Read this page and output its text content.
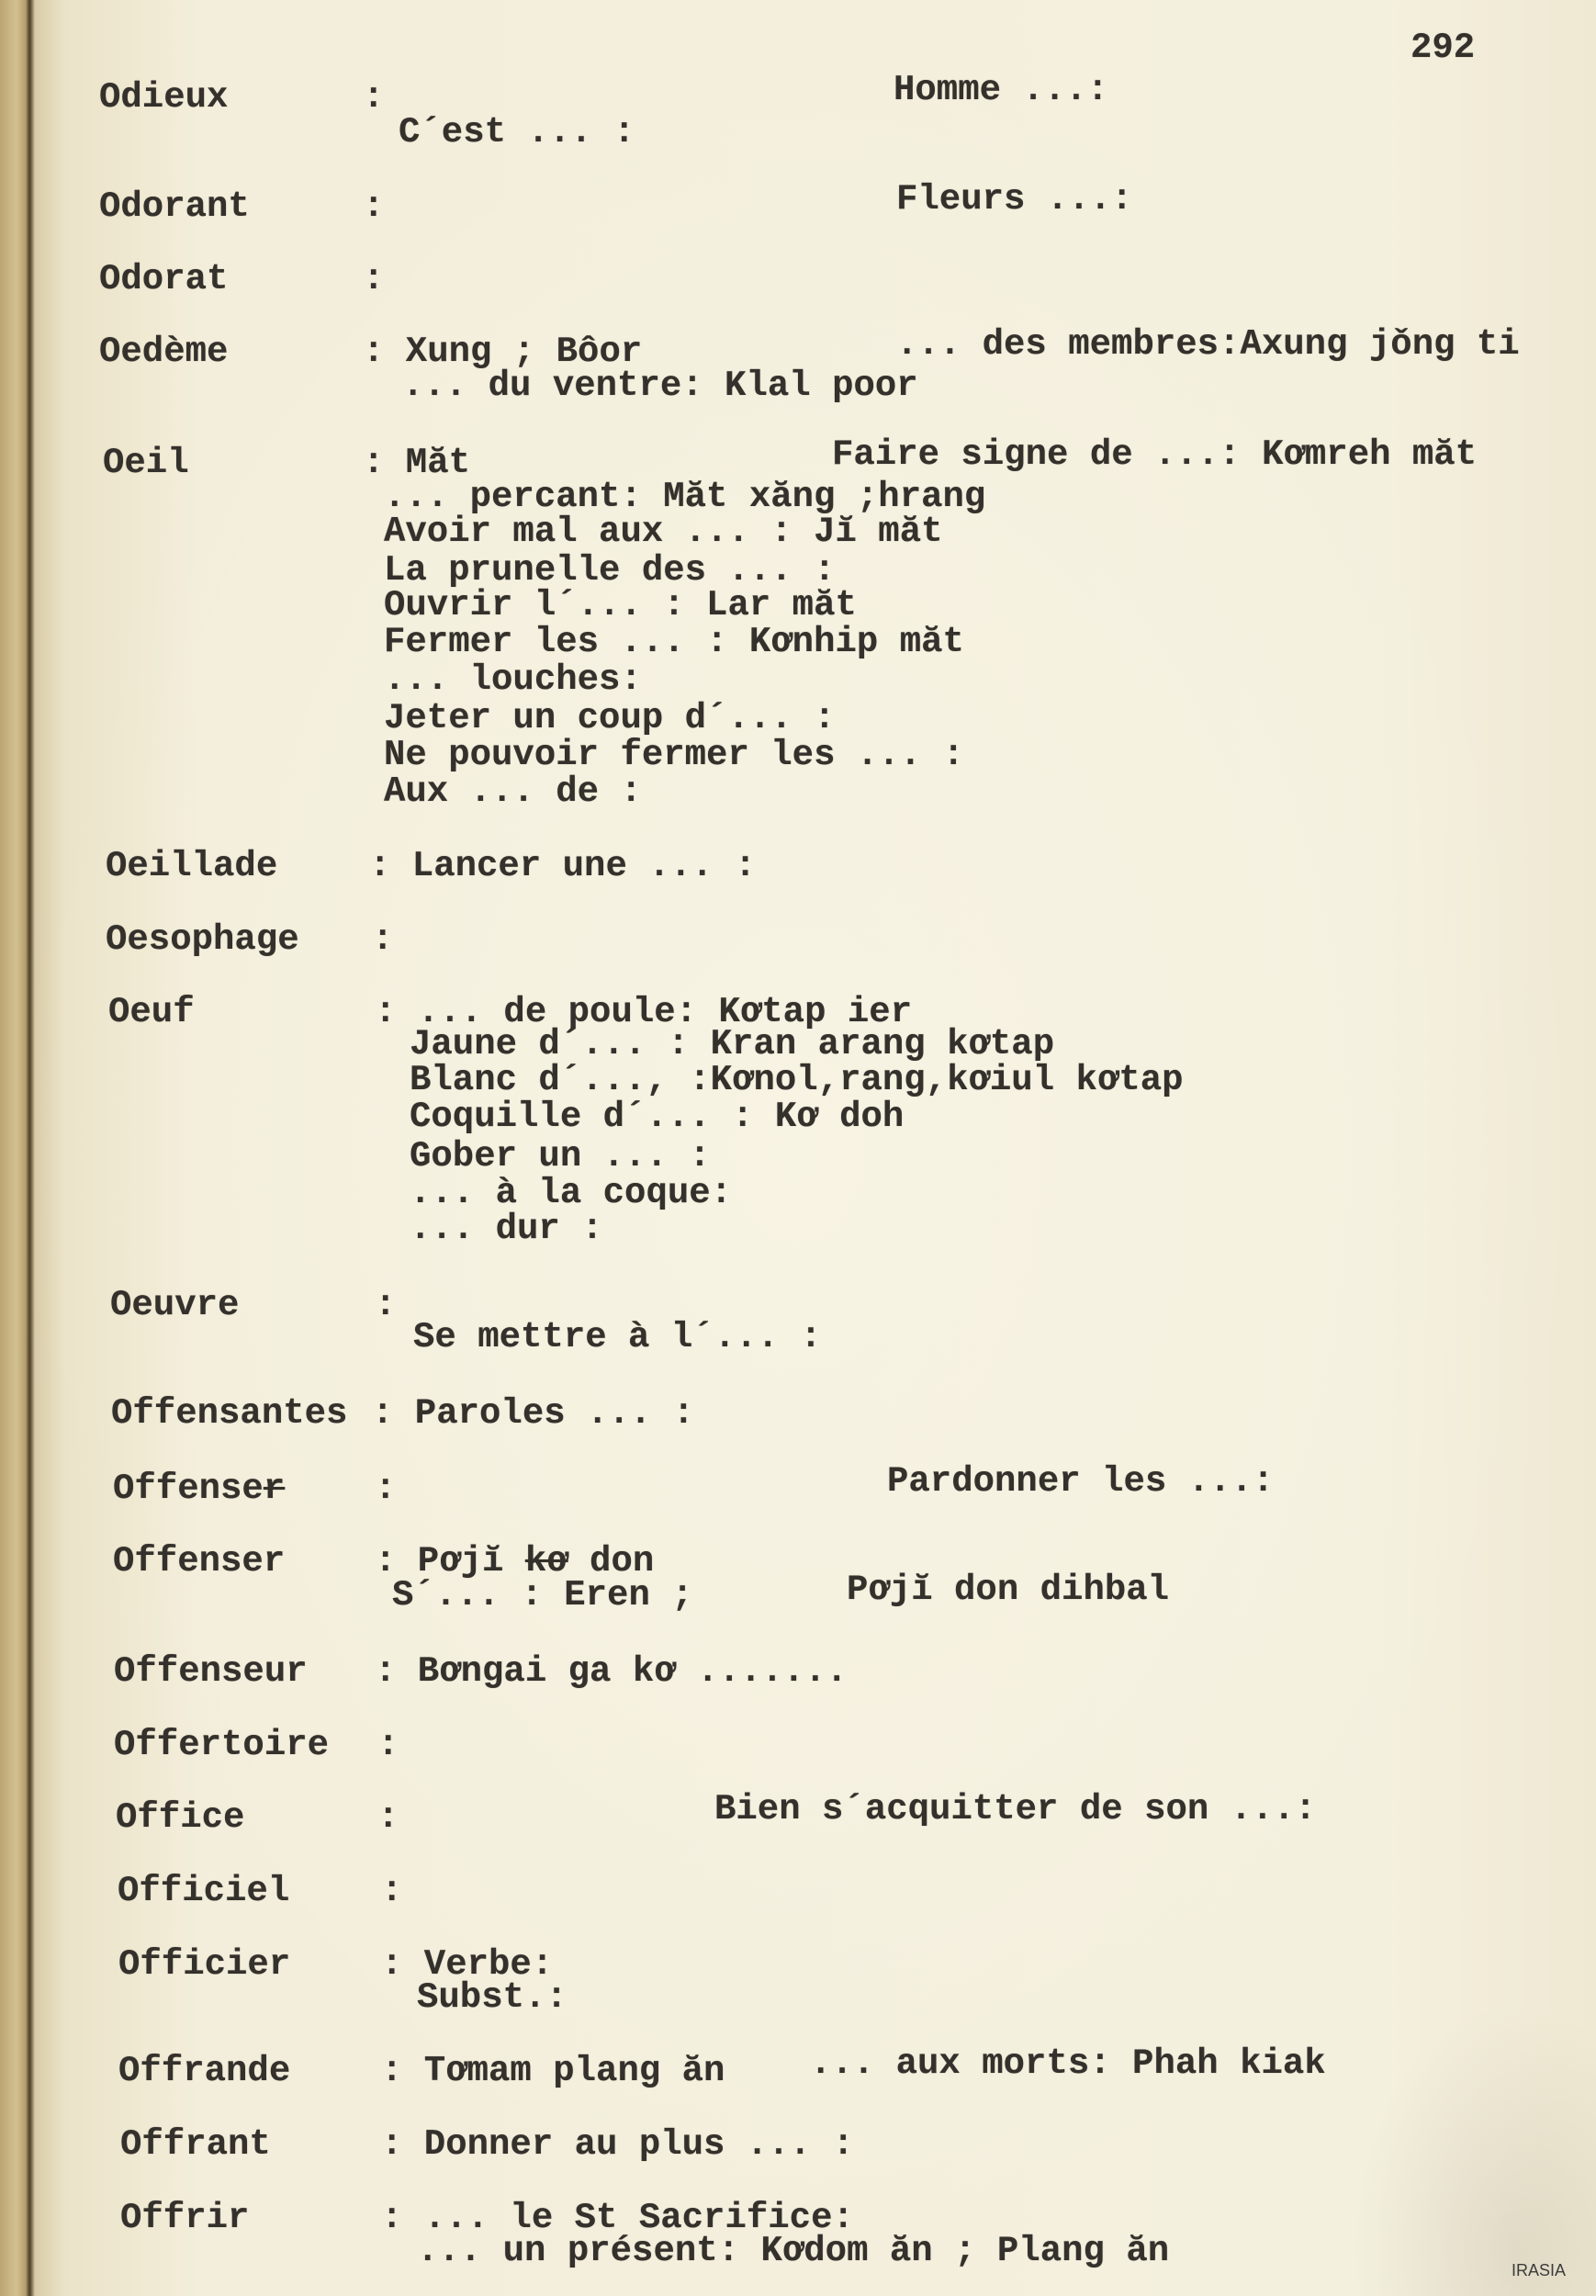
292
Odieux	:	Homme ...:
C´est ... :
Odorant	:	Fleurs ...:
Odorat	:
Oedème	: Xung ; Bôor	... des membres:Axung jǒng ti
... du ventre: Klal poor
Oeil	: Măt	Faire signe de ...: Kơmreh măt
... percant: Măt xăng ;hrang
Avoir mal aux ... : Jĭ măt
La prunelle des ... :
Ouvrir l´... : Lar măt
Fermer les ... : Kơnhip măt
... louches:
Jeter un coup d´... :
Ne pouvoir fermer les ... :
Aux ... de :
Oeillade	: Lancer une ... :
Oesophage :
Oeuf	: ... de poule: Kơtap ier
Jaune d´... : Kran arang kơtap
Blanc d´..., :Kơnol,rang,kơiul kơtap
Coquille d´... : Kơ doh
Gober un ... :
... à la coque:
... dur :
Oeuvre	:
Se mettre à l´... :
Offensantes : Paroles ... :
Offenser	:	Pardonner les ...:
Offenser	: Pơjĭ kơ don
S´... : Eren ;	Pơjĭ don dihbal
Offenseur : Bơngai ga kơ .......
Offertoire :
Office	:	Bien s´acquitter de son ...:
Officiel	:
Officier	: Verbe:
Subst.:
Offrande	: Tơmam plang ăn ... aux morts: Phah kiak
Offrant	: Donner au plus ... :
Offrir	: ... le St Sacrifice:
... un présent: Kơdom ăn ; Plang ăn	IRASIA
